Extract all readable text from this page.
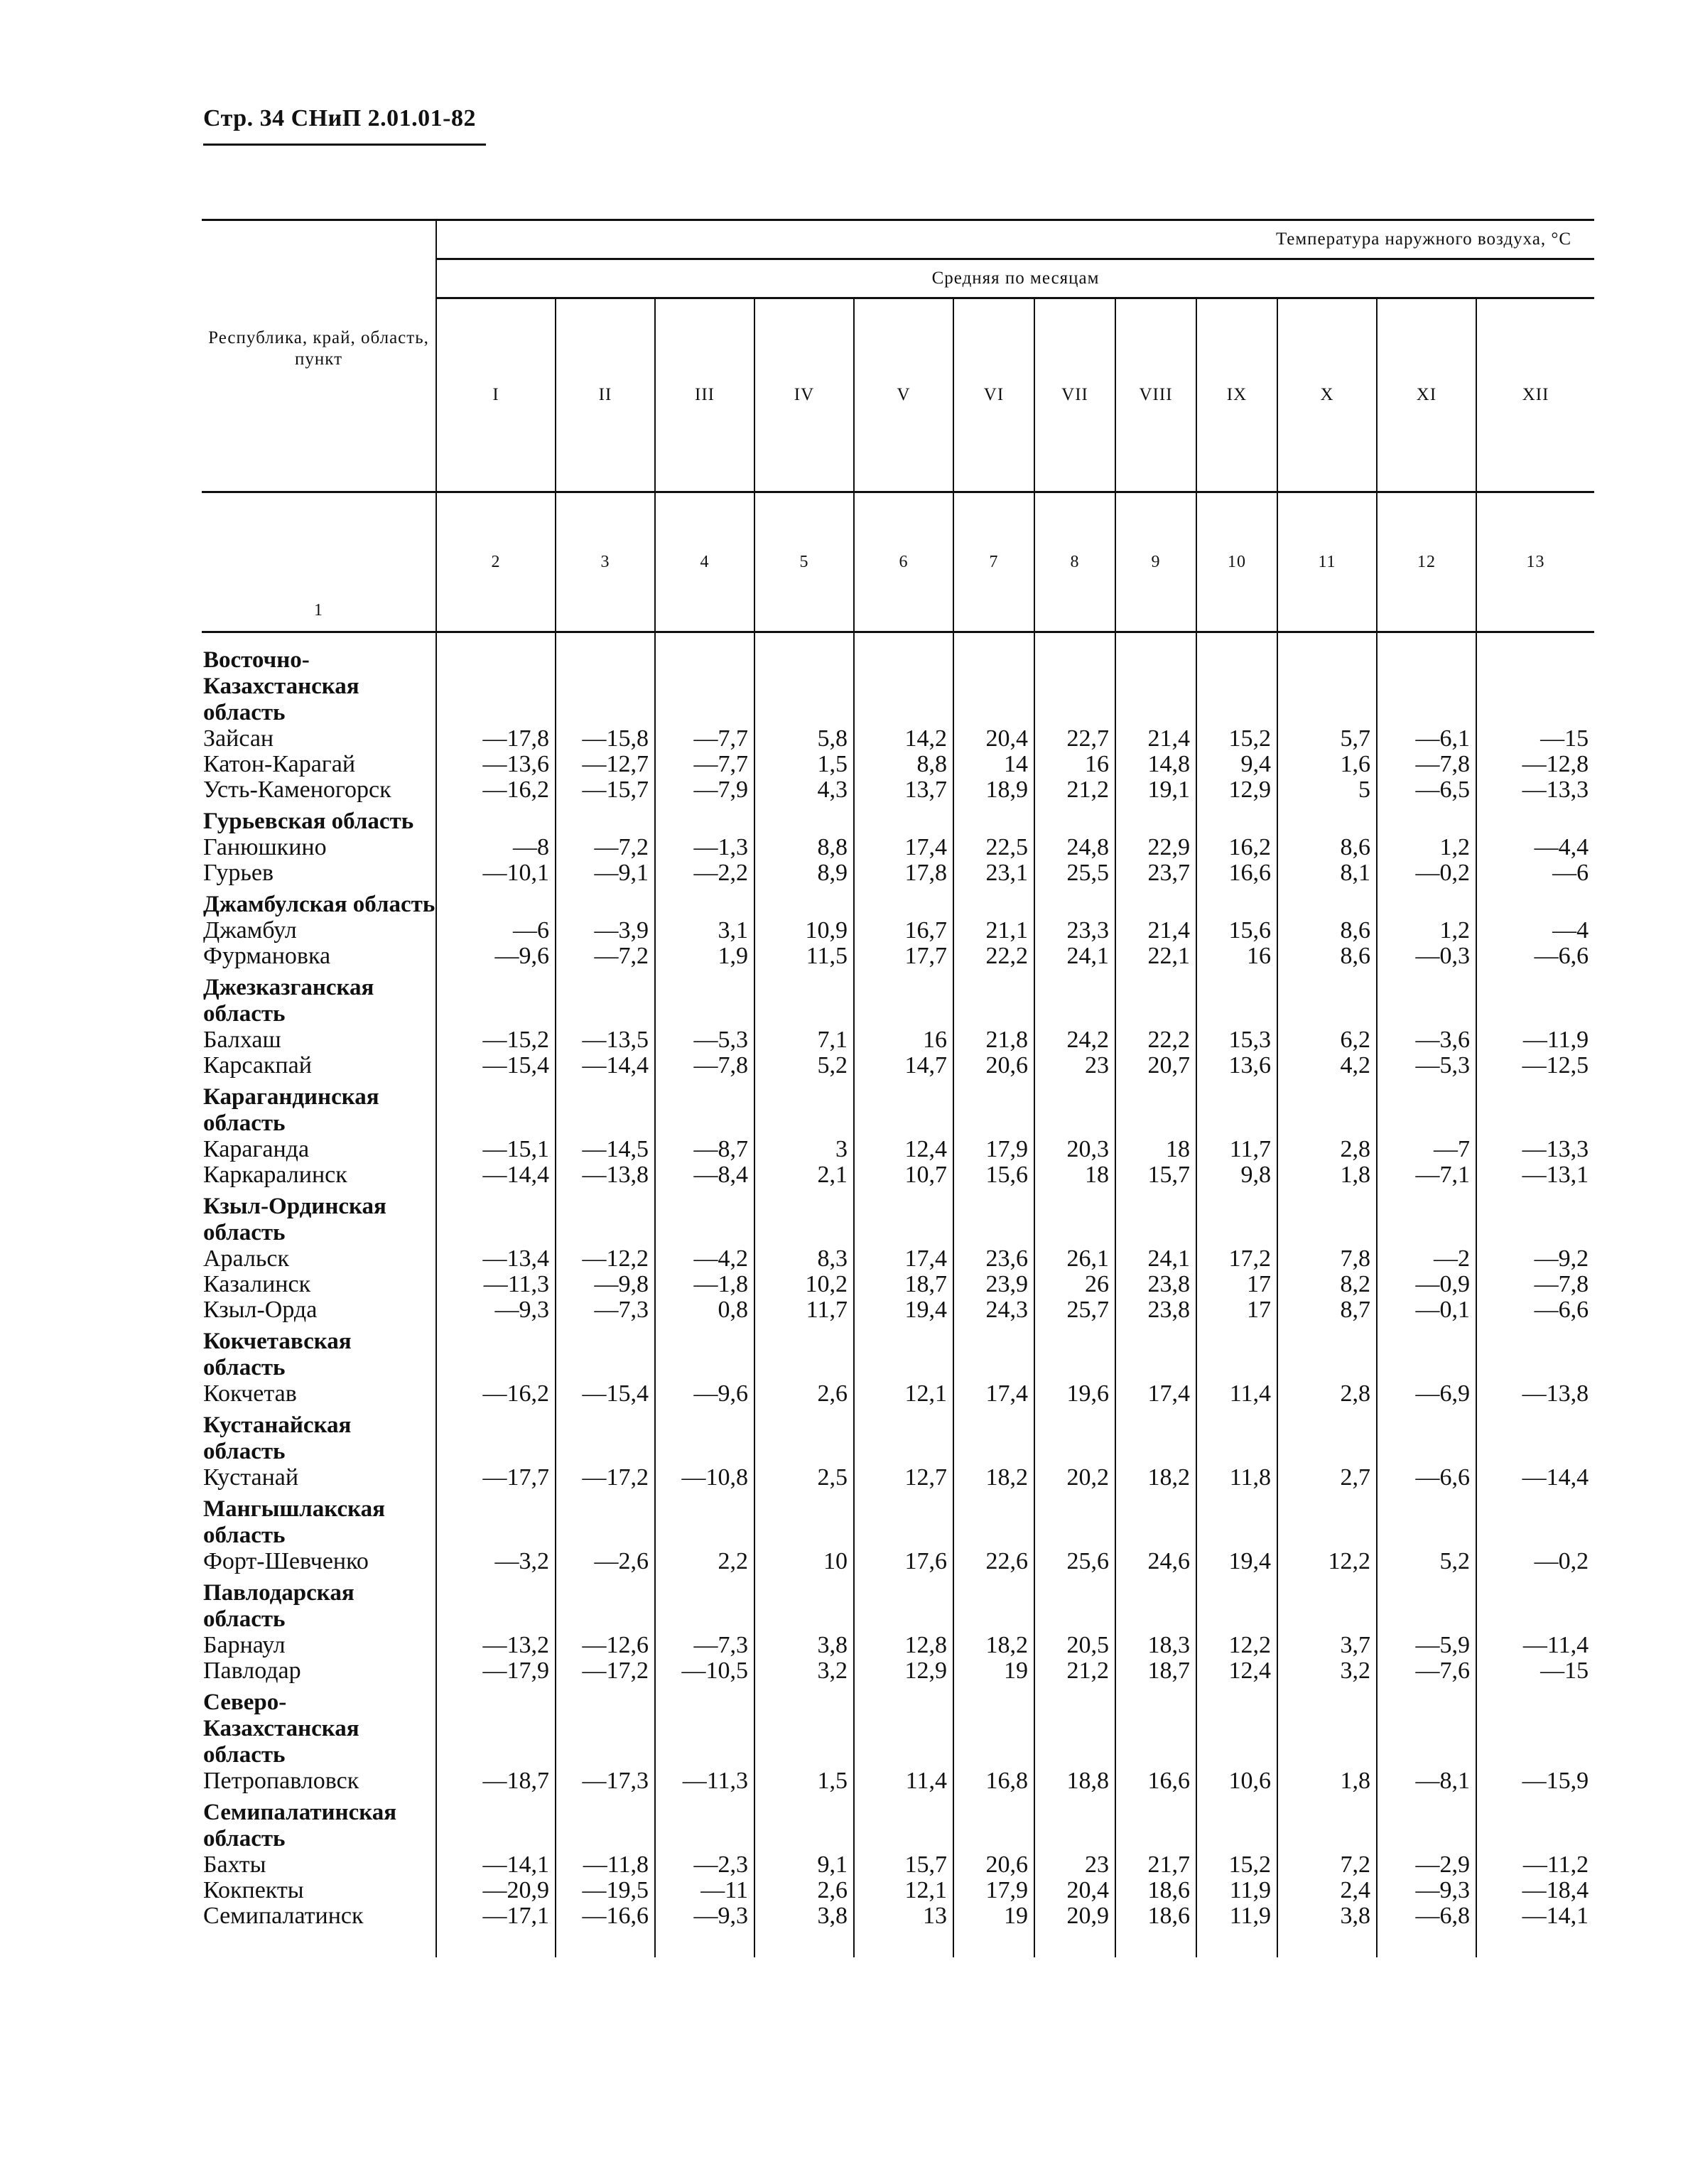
Стр. 34 СНиП 2.01.01-82
Республика, край, область, пункт	Температура наружного воздуха, °С											
	Средняя по месяцам											
	I	II	III	IV	V	VI	VII	VIII	IX	X	XI	XII
1	2	3	4	5	6	7	8	9	10	11	12	13

Восточно-Казахстанская область												
Зайсан	—17,8	—15,8	—7,7	5,8	14,2	20,4	22,7	21,4	15,2	5,7	—6,1	—15
Катон-Карагай	—13,6	—12,7	—7,7	1,5	8,8	14	16	14,8	9,4	1,6	—7,8	—12,8
Усть-Каменогорск	—16,2	—15,7	—7,9	4,3	13,7	18,9	21,2	19,1	12,9	5	—6,5	—13,3
Гурьевская область												
Ганюшкино	—8	—7,2	—1,3	8,8	17,4	22,5	24,8	22,9	16,2	8,6	1,2	—4,4
Гурьев	—10,1	—9,1	—2,2	8,9	17,8	23,1	25,5	23,7	16,6	8,1	—0,2	—6
Джамбулская область												
Джамбул	—6	—3,9	3,1	10,9	16,7	21,1	23,3	21,4	15,6	8,6	1,2	—4
Фурмановка	—9,6	—7,2	1,9	11,5	17,7	22,2	24,1	22,1	16	8,6	—0,3	—6,6
Джезказганская область												
Балхаш	—15,2	—13,5	—5,3	7,1	16	21,8	24,2	22,2	15,3	6,2	—3,6	—11,9
Карсакпай	—15,4	—14,4	—7,8	5,2	14,7	20,6	23	20,7	13,6	4,2	—5,3	—12,5
Карагандинская область												
Караганда	—15,1	—14,5	—8,7	3	12,4	17,9	20,3	18	11,7	2,8	—7	—13,3
Каркаралинск	—14,4	—13,8	—8,4	2,1	10,7	15,6	18	15,7	9,8	1,8	—7,1	—13,1
Кзыл-Ординская область												
Аральск	—13,4	—12,2	—4,2	8,3	17,4	23,6	26,1	24,1	17,2	7,8	—2	—9,2
Казалинск	—11,3	—9,8	—1,8	10,2	18,7	23,9	26	23,8	17	8,2	—0,9	—7,8
Кзыл-Орда	—9,3	—7,3	0,8	11,7	19,4	24,3	25,7	23,8	17	8,7	—0,1	—6,6
Кокчетавская область												
Кокчетав	—16,2	—15,4	—9,6	2,6	12,1	17,4	19,6	17,4	11,4	2,8	—6,9	—13,8
Кустанайская область												
Кустанай	—17,7	—17,2	—10,8	2,5	12,7	18,2	20,2	18,2	11,8	2,7	—6,6	—14,4
Мангышлакская область												
Форт-Шевченко	—3,2	—2,6	2,2	10	17,6	22,6	25,6	24,6	19,4	12,2	5,2	—0,2
Павлодарская область												
Барнаул	—13,2	—12,6	—7,3	3,8	12,8	18,2	20,5	18,3	12,2	3,7	—5,9	—11,4
Павлодар	—17,9	—17,2	—10,5	3,2	12,9	19	21,2	18,7	12,4	3,2	—7,6	—15
Северо-Казахстанская область												
Петропавловск	—18,7	—17,3	—11,3	1,5	11,4	16,8	18,8	16,6	10,6	1,8	—8,1	—15,9
Семипалатинская область												
Бахты	—14,1	—11,8	—2,3	9,1	15,7	20,6	23	21,7	15,2	7,2	—2,9	—11,2
Кокпекты	—20,9	—19,5	—11	2,6	12,1	17,9	20,4	18,6	11,9	2,4	—9,3	—18,4
Семипалатинск	—17,1	—16,6	—9,3	3,8	13	19	20,9	18,6	11,9	3,8	—6,8	—14,1
